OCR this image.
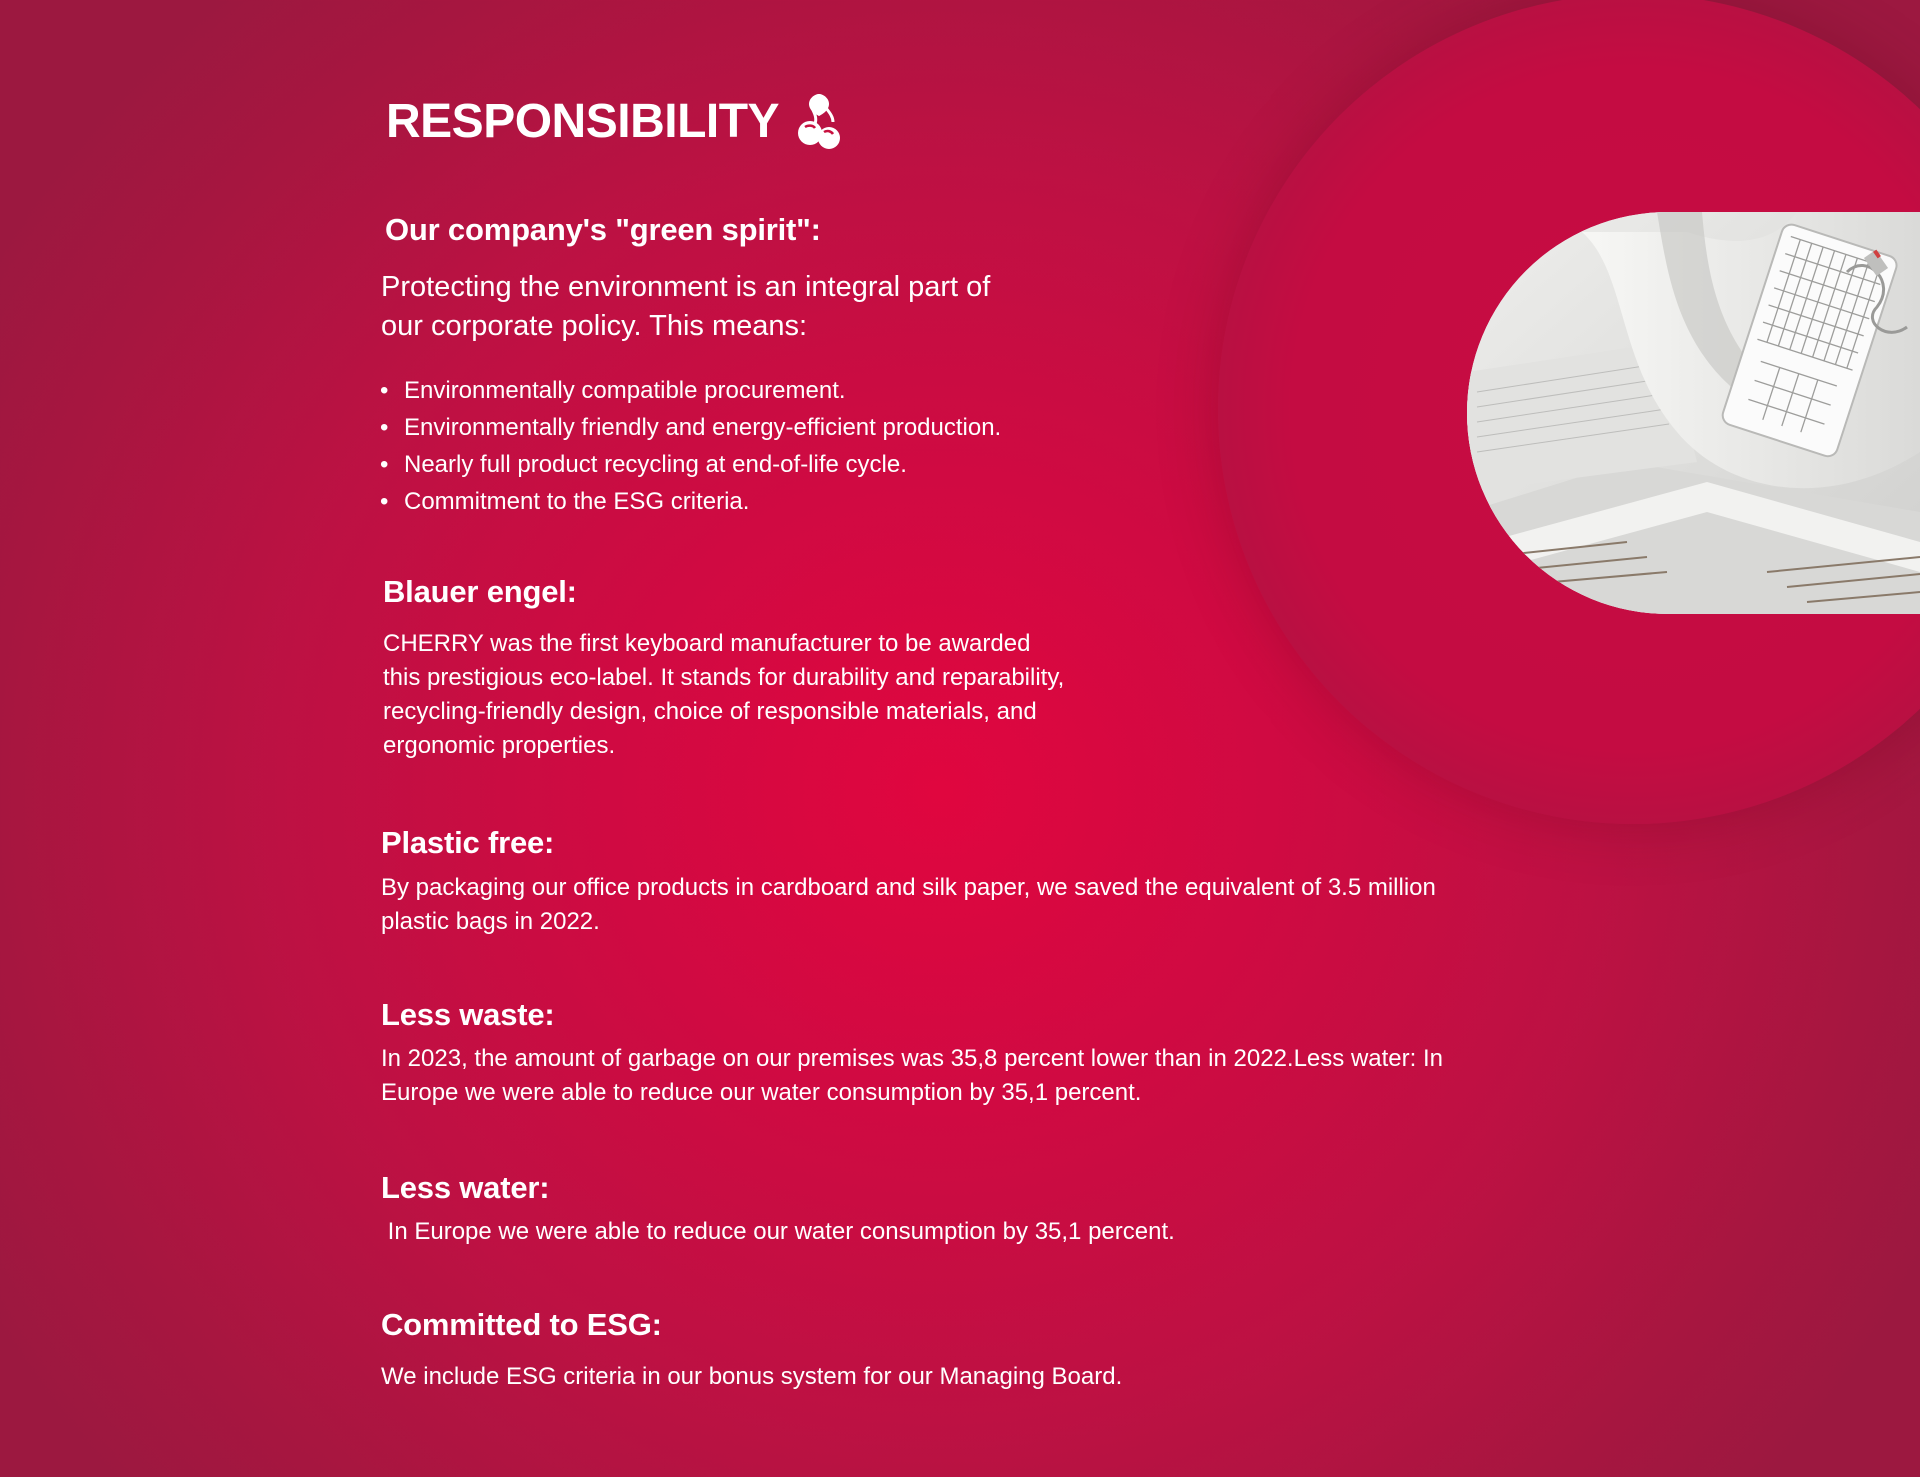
RESPONSIBILITY
Our company's "green spirit":

Protecting the environment is an integral part of

our corporate policy. This means:

• Environmentally compatible procurement.
• Environmentally friendly and energy-efficient production.
• Nearly full product recycling at end-of-life cycle.
• Commitment to the ESG criteria.
Blauer engel:

CHERRY was the first keyboard manufacturer to be awarded

this prestigious eco-label. It stands for durability and reparability,

recycling-friendly design, choice of responsible materials, and

ergonomic properties.

Plastic free:

By packaging our office products in cardboard and silk paper, we saved the equivalent of 3.5 million

plastic bags in 2022.

Less waste:

In 2023, the amount of garbage on our premises was 35,8 percent lower than in 2022.Less water: In

Europe we were able to reduce our water consumption by 35,1 percent.

Less water:

In Europe we were able to reduce our water consumption by 35,1 percent.

Committed to ESG:

We include ESG criteria in our bonus system for our Managing Board.
